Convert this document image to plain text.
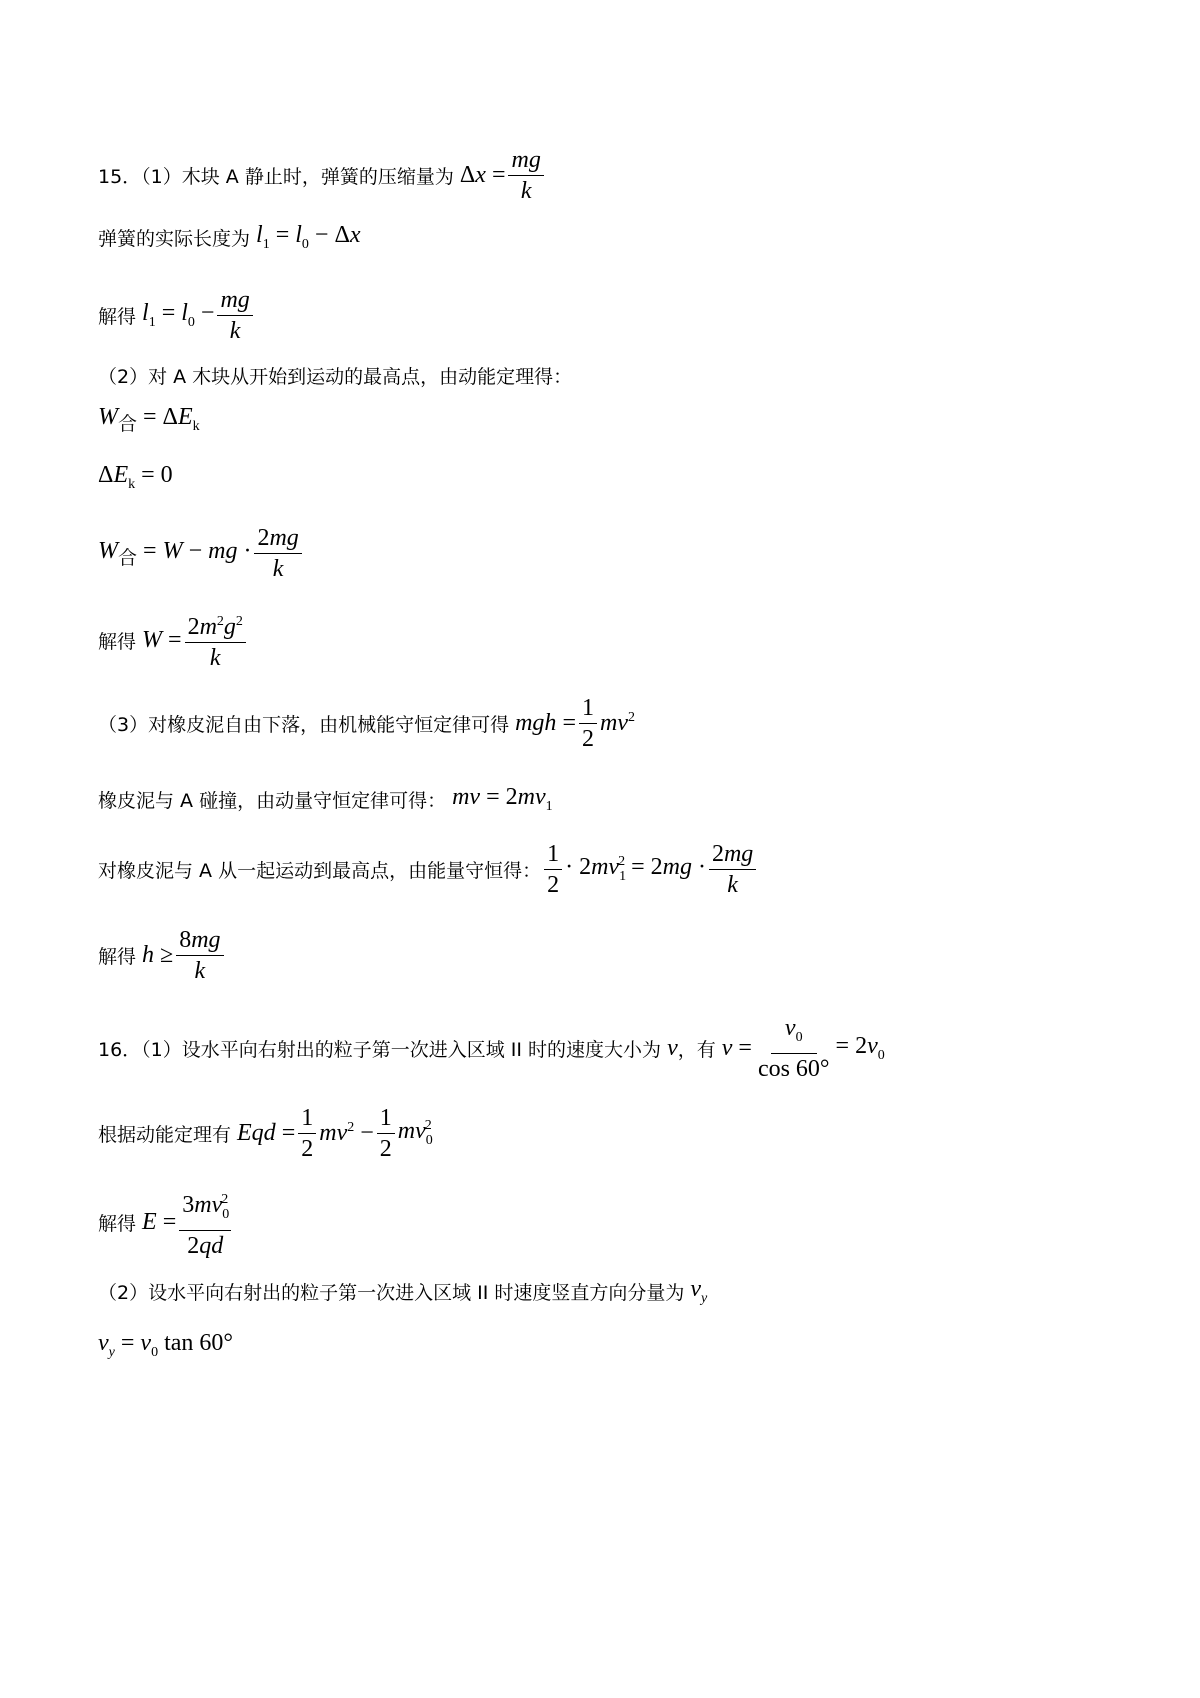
15．（1）木块 A 静止时，弹簧的压缩量为 $\Delta x = \frac{mg}{k}$
弹簧的实际长度为 $l_1 = l_0 - \Delta x$
解得 $l_1 = l_0 - \frac{mg}{k}$
（2）对 A 木块从开始到运动的最高点，由动能定理得：
$W_合 = \Delta E_k$
$\Delta E_k = 0$
$W_合 = W$ − mg · $\frac{2mg}{k}$
解得 $W = \frac{2m^2g^2}{k}$
（3）对橡皮泥自由下落，由机械能守恒定律可得 mgh = $\frac{1}{2} mv^2$
橡皮泥与 A 碰撞，由动量守恒定律可得： mv = $2mv_1$
对橡皮泥与 A 从一起运动到最高点，由能量守恒得： $\frac{1}{2} \cdot 2mv_1^2 = 2mg \cdot \frac{2mg}{k}$
解得 $h \ge \frac{8mg}{k}$
16．（1）设水平向右射出的粒子第一次进入区域 II 时的速度大小为 v ，有 $v = \frac{v_0}{\cos 60^\circ} = 2v_0$
根据动能定理有 Eqd = $\frac{1}{2} mv^2 - \frac{1}{2} mv_0^2$
解得 $E = \frac{3mv_0^2}{2qd}$
（2）设水平向右射出的粒子第一次进入区域 II 时速度竖直方向分量为 $v_y$
$v_y = v_0$ tan 60°
